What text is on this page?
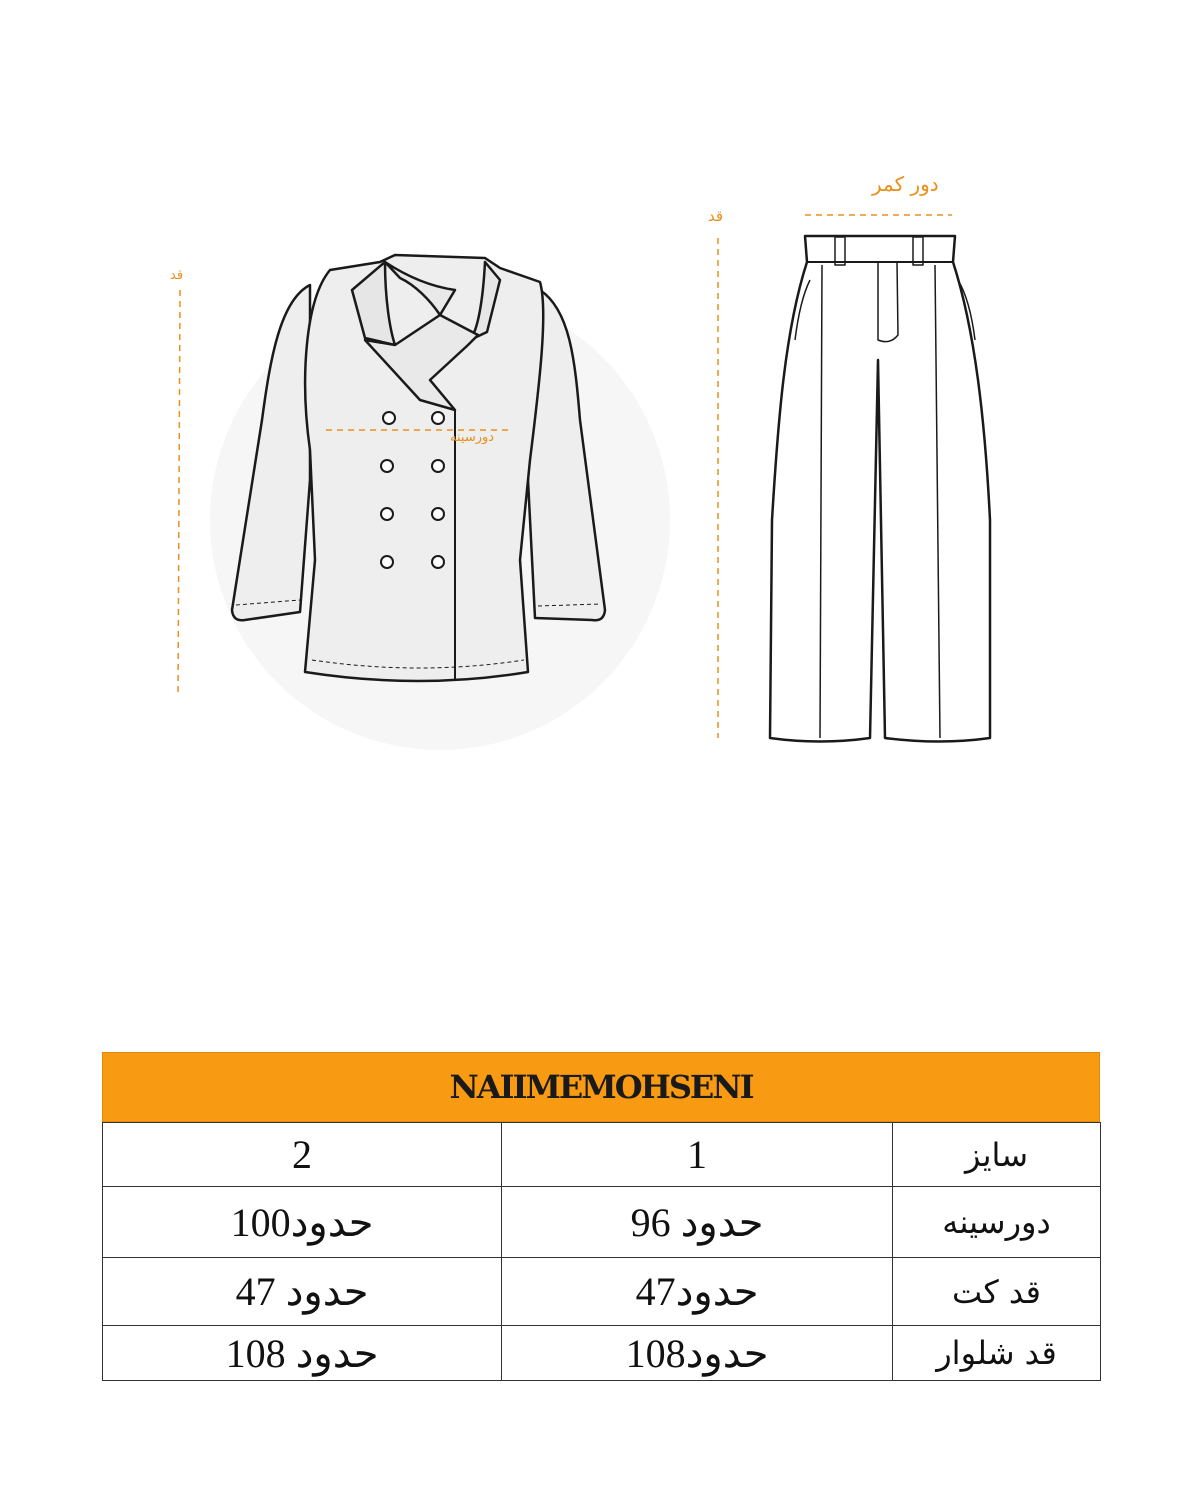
قد
قد
دور کمر
دورسینه
NAIIMEMOHSENI
2	1	سایز
حدود100	حدود 96	دورسینه
حدود 47	حدود47	قد کت
حدود 108	حدود108	قد شلوار
